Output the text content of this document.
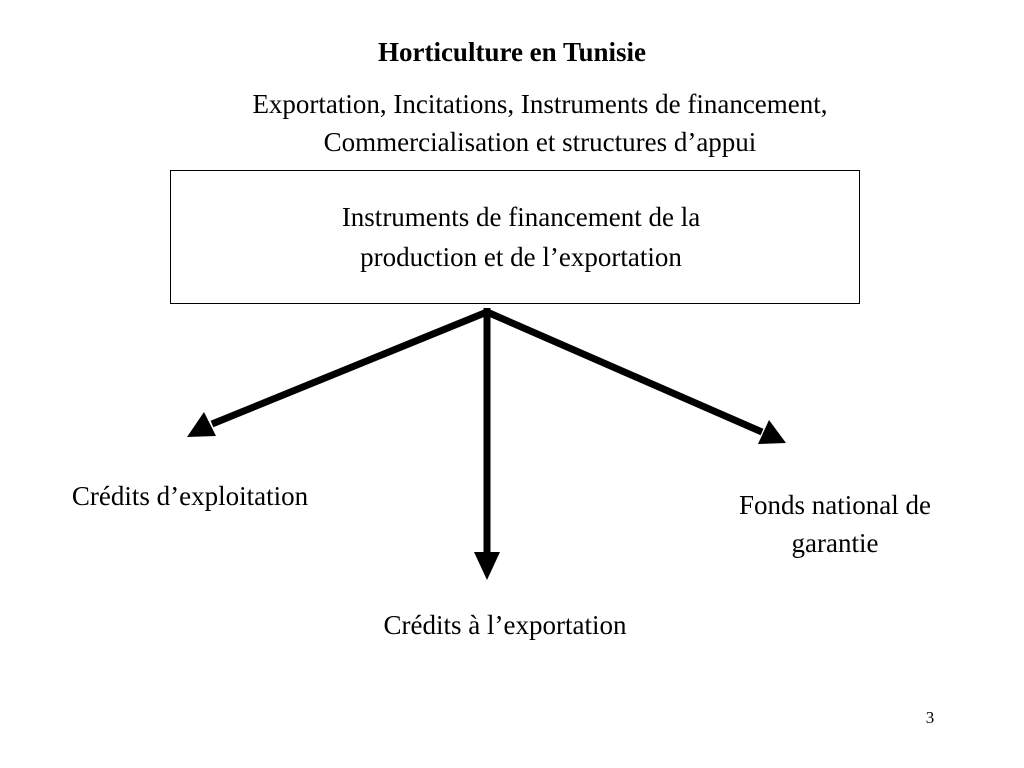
Horticulture en Tunisie
Exportation, Incitations, Instruments de financement,
Commercialisation et structures d’appui
Instruments de financement de la
production et de l’exportation
Crédits d’exploitation
Crédits à l’exportation
Fonds national de
garantie
3
